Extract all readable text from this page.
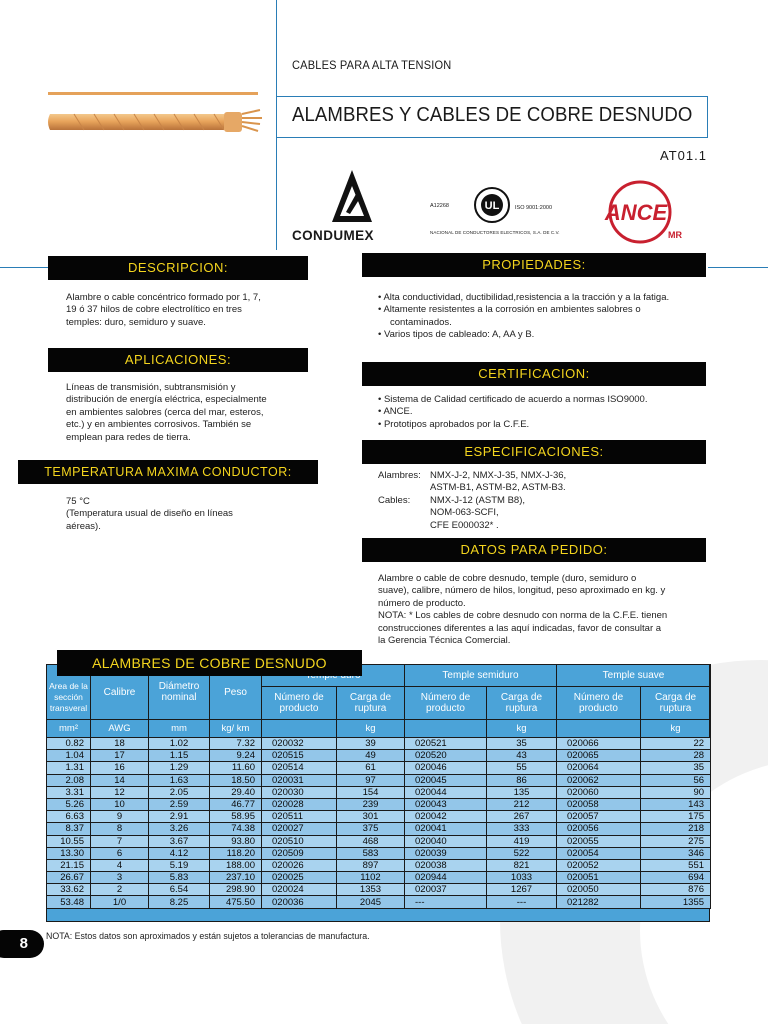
CABLES PARA ALTA TENSION
ALAMBRES Y CABLES DE COBRE DESNUDO
AT01.1
CONDUMEX
A12268	UL	ISO 9001:2000
NACIONAL DE CONDUCTORES ELECTRICOS, S.A. DE C.V.
ANCE
MR
DESCRIPCION:
Alambre o cable concéntrico formado por 1, 7,
19 ó 37 hilos de cobre electrolítico en tres
temples: duro, semiduro y suave.
APLICACIONES:
Líneas de transmisión, subtransmisión y
distribución de energía eléctrica, especialmente
en ambientes salobres (cerca del mar, esteros,
etc.) y en ambientes corrosivos. También se
emplean para redes de tierra.
TEMPERATURA MAXIMA CONDUCTOR:
75 °C
(Temperatura usual de diseño en líneas
aéreas).
PROPIEDADES:
• Alta conductividad, ductibilidad,resistencia a la tracción y a la fatiga.
• Altamente resistentes a la corrosión en ambientes salobres o contaminados.
• Varios tipos de cableado: A, AA y B.
CERTIFICACION:
• Sistema de Calidad certificado de acuerdo a normas ISO9000.
• ANCE.
• Prototipos aprobados por la C.F.E.
ESPECIFICACIONES:
Alambres: NMX-J-2, NMX-J-35, NMX-J-36,
ASTM-B1, ASTM-B2, ASTM-B3.
Cables:	NMX-J-12 (ASTM B8),
NOM-063-SCFI,
CFE E000032* .
DATOS PARA PEDIDO:
Alambre o cable de cobre desnudo, temple (duro, semiduro o
suave), calibre, número de hilos, longitud, peso aproximado en kg. y
número de producto.
NOTA: * Los cables de cobre desnudo con norma de la C.F.E. tienen
construcciones diferentes a las aquí indicadas, favor de consultar a
la Gerencia Técnica Comercial.
Area de la sección transveral	Calibre	Diámetro nominal	Peso			Temple semiduro		Temple suave	
				Número de producto	Carga de ruptura	Número de producto	Carga de ruptura	Número de producto	Carga de ruptura
mm²	AWG	mm	kg/ km		kg		kg		kg
0.82	18	1.02	7.32	020032	39	020521	35	020066	22
1.04	17	1.15	9.24	020515	49	020520	43	020065	28
1.31	16	1.29	11.60	020514	61	020046	55	020064	35
2.08	14	1.63	18.50	020031	97	020045	86	020062	56
3.31	12	2.05	29.40	020030	154	020044	135	020060	90
5.26	10	2.59	46.77	020028	239	020043	212	020058	143
6.63	9	2.91	58.95	020511	301	020042	267	020057	175
8.37	8	3.26	74.38	020027	375	020041	333	020056	218
10.55	7	3.67	93.80	020510	468	020040	419	020055	275
13.30	6	4.12	118.20	020509	583	020039	522	020054	346
21.15	4	5.19	188.00	020026	897	020038	821	020052	551
26.67	3	5.83	237.10	020025	1102	020944	1033	020051	694
33.62	2	6.54	298.90	020024	1353	020037	1267	020050	876
53.48	1/0	8.25	475.50	020036	2045	---	---	021282	1355
ALAMBRES DE COBRE DESNUDO
8	NOTA: Estos datos son aproximados y están sujetos a tolerancias de manufactura.
